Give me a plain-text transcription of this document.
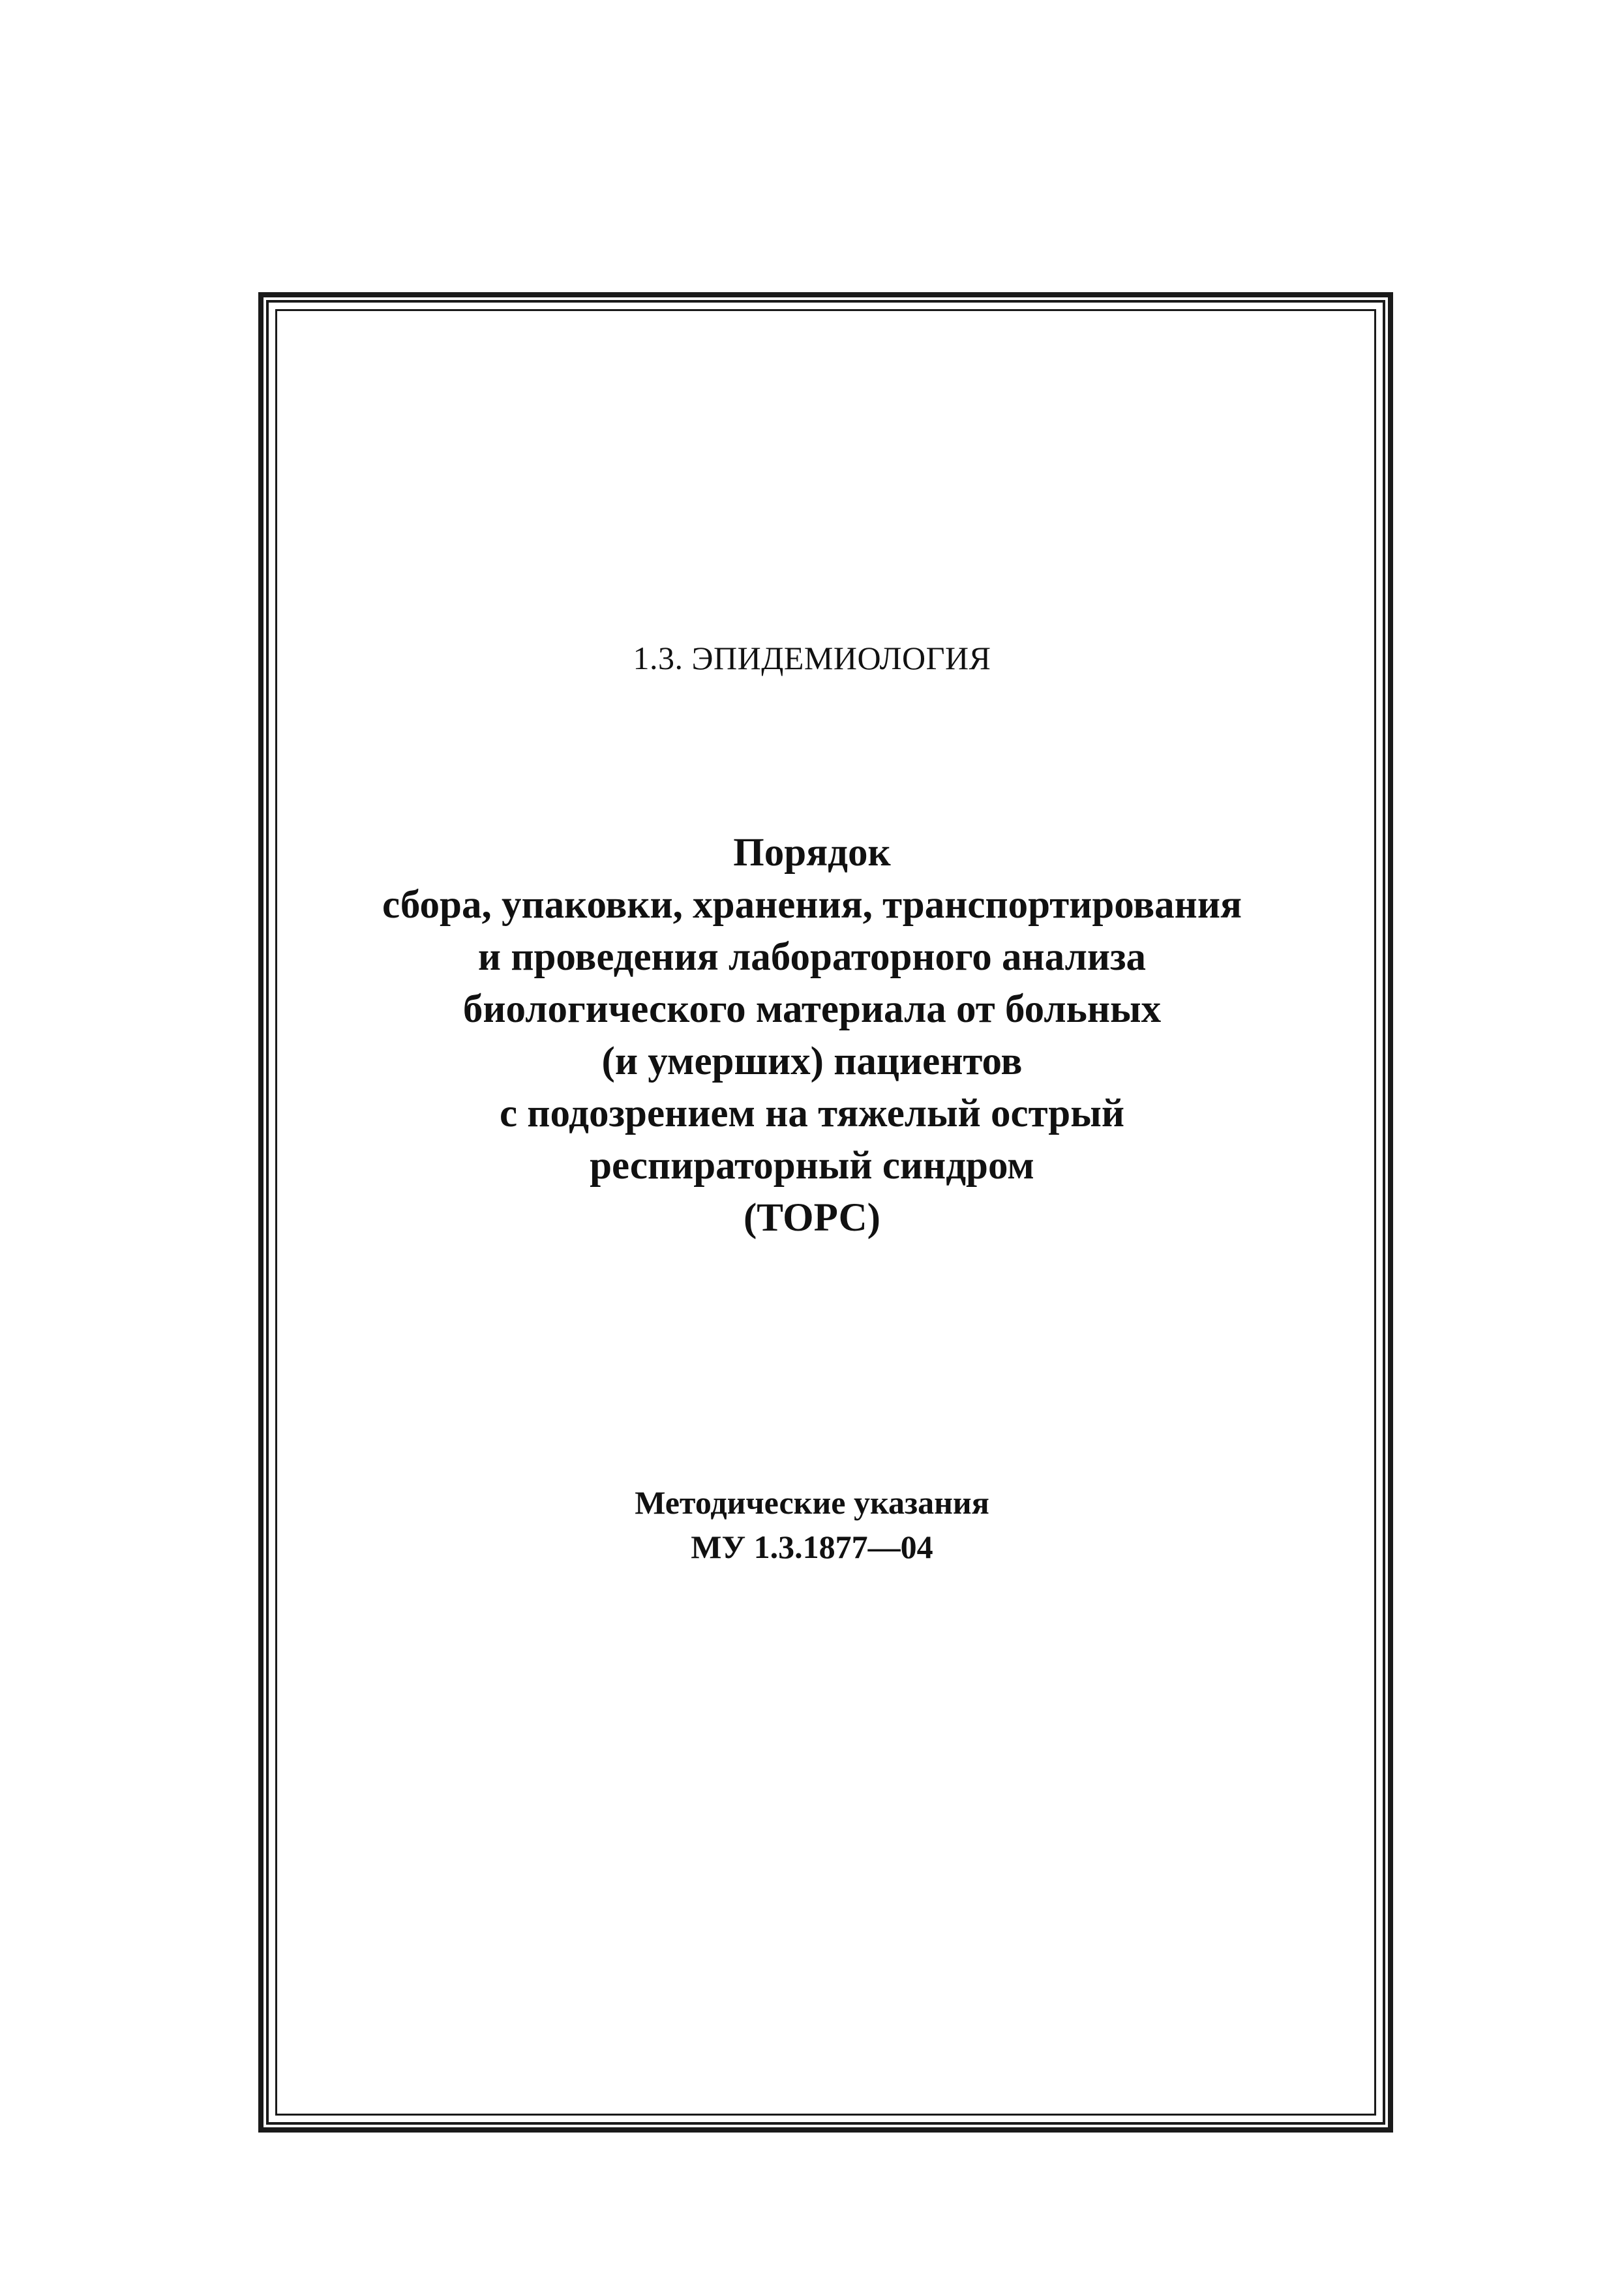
1.3. ЭПИДЕМИОЛОГИЯ
Порядок
сбора, упаковки, хранения, транспортирования
и проведения лабораторного анализа
биологического материала от больных
(и умерших) пациентов
с подозрением на тяжелый острый
респираторный синдром
(ТОРС)
Методические указания
МУ 1.3.1877—04
